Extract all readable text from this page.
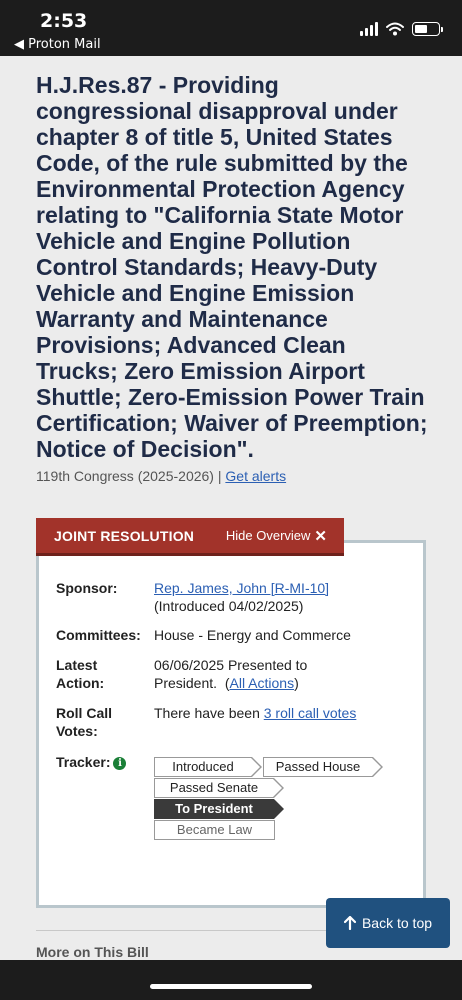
2:53
◀ Proton Mail
H.J.Res.87 - Providing congressional disapproval under chapter 8 of title 5, United States Code, of the rule submitted by the Environmental Protection Agency relating to "California State Motor Vehicle and Engine Pollution Control Standards; Heavy-Duty Vehicle and Engine Emission Warranty and Maintenance Provisions; Advanced Clean Trucks; Zero Emission Airport Shuttle; Zero-Emission Power Train Certification; Waiver of Preemption; Notice of Decision".
119th Congress (2025-2026) | Get alerts
JOINT RESOLUTION Hide Overview ✕
Sponsor:	Rep. James, John [R-MI-10]
(Introduced 04/02/2025)
Committees: House - Energy and Commerce
Latest
Action:
06/06/2025 Presented to President.  (All Actions)
Roll Call
Votes:
There have been 3 roll call votes
Tracker: i	Introduced	Passed House
Passed Senate
To President
Became Law
More on This Bill
Back to top
